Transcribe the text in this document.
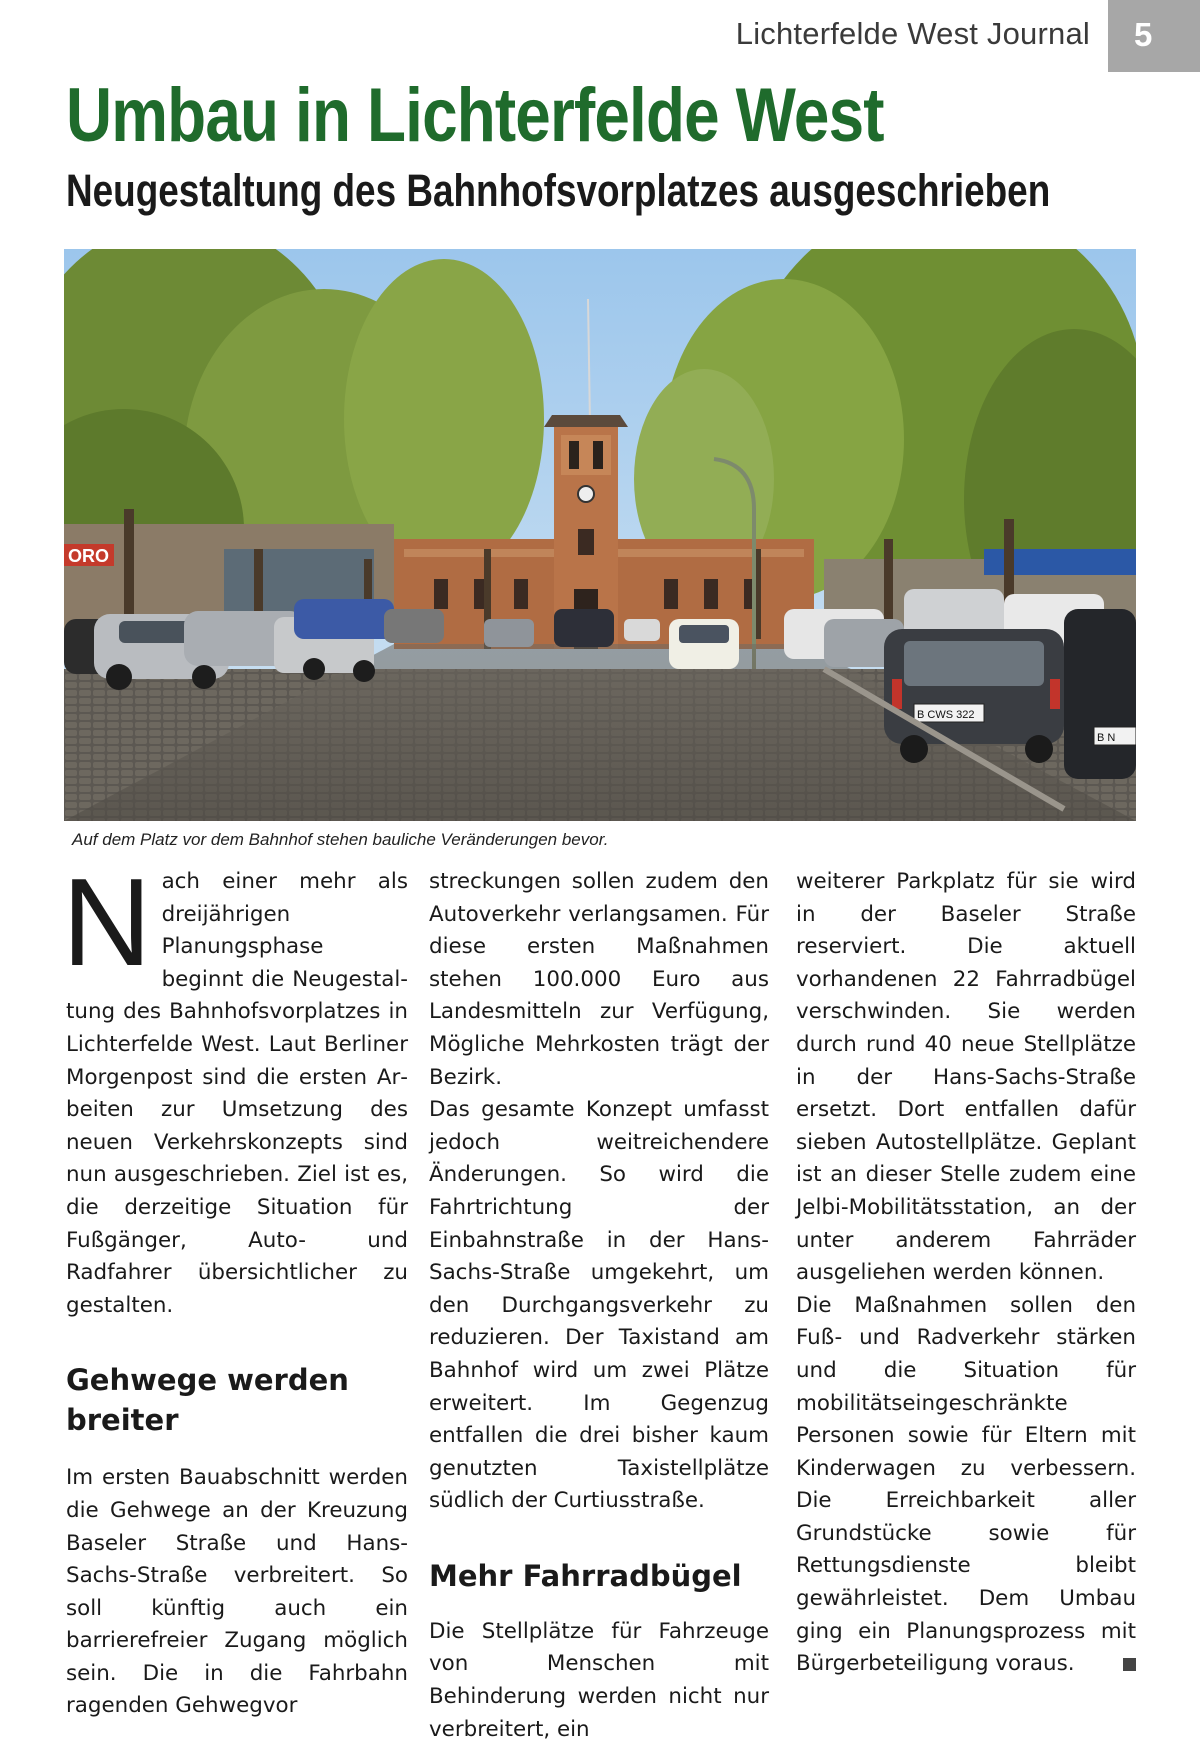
Lichterfelde West Journal 5
Umbau in Lichterfelde West
Neugestaltung des Bahnhofsvorplatzes ausgeschrieben
ORO
B CWS 322
B N
Auf dem Platz vor dem Bahnhof stehen bauliche Veränderungen bevor.
N ach einer mehr als dreijährigen Planungsphase beginnt die Neugestaltung des Bahnhofsvorplatzes in Lichterfelde West. Laut Berliner Morgenpost sind die ersten Arbeiten zur Umsetzung des neuen Verkehrskonzepts sind nun ausgeschrieben. Ziel ist es, die derzeitige Situation für Fußgänger, Auto- und Radfahrer übersichtlicher zu gestalten.

Gehwege werden breiter

Im ersten Bauabschnitt werden die Gehwege an der Kreuzung Baseler Straße und Hans-Sachs-Straße verbreitert. So soll künftig auch ein barrierefreier Zugang möglich sein. Die in die Fahrbahn ragenden Gehwegvor

streckungen sollen zudem den Autoverkehr verlangsamen. Für diese ersten Maßnahmen stehen 100.000 Euro aus Landesmitteln zur Verfügung, Mögliche Mehrkosten trägt der Bezirk.

Das gesamte Konzept umfasst jedoch weitreichendere Änderungen. So wird die Fahrtrichtung der Einbahnstraße in der Hans-Sachs-Straße umgekehrt, um den Durchgangsverkehr zu reduzieren. Der Taxistand am Bahnhof wird um zwei Plätze erweitert. Im Gegenzug entfallen die drei bisher kaum genutzten Taxistellplätze südlich der Curtiusstraße.

Mehr Fahrradbügel

Die Stellplätze für Fahrzeuge von Menschen mit Behinderung werden nicht nur verbreitert, ein

weiterer Parkplatz für sie wird in der Baseler Straße reserviert. Die aktuell vorhandenen 22 Fahrradbügel verschwinden. Sie werden durch rund 40 neue Stellplätze in der Hans-Sachs-Straße ersetzt. Dort entfallen dafür sieben Autostellplätze. Geplant ist an dieser Stelle zudem eine Jelbi-Mobilitätsstation, an der unter anderem Fahrräder ausgeliehen werden können.

Die Maßnahmen sollen den Fuß- und Radverkehr stärken und die Situation für mobilitätseingeschränkte Personen sowie für Eltern mit Kinderwagen zu verbessern. Die Erreichbarkeit aller Grundstücke sowie für Rettungsdienste bleibt gewährleistet. Dem Umbau ging ein Planungsprozess mit Bürgerbeteiligung voraus.
